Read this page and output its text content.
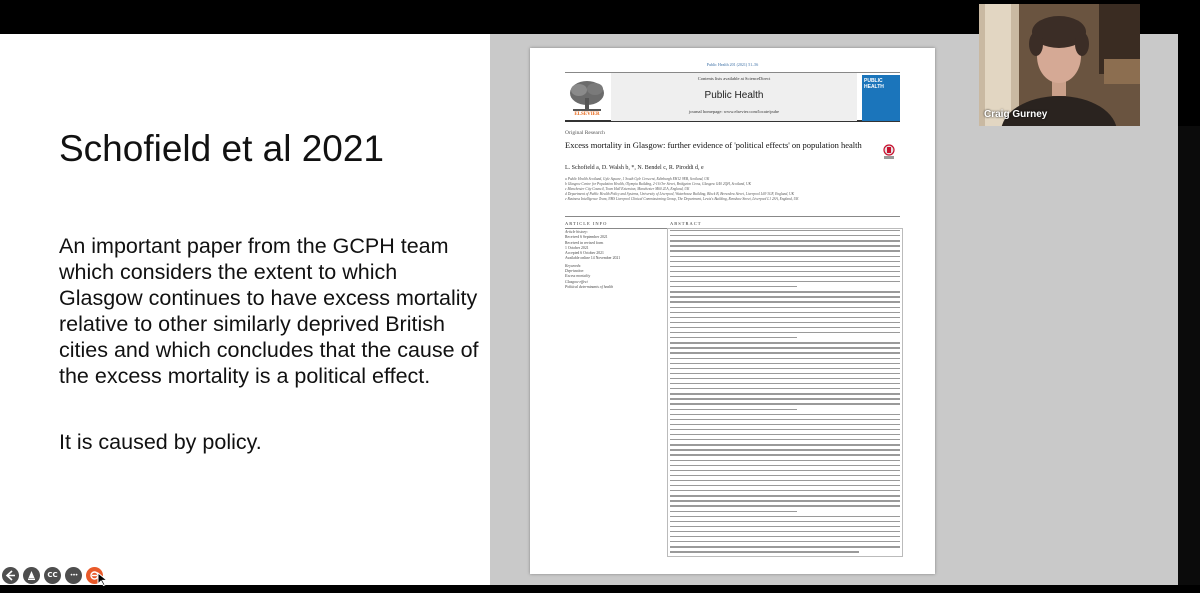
Schofield et al 2021
An important paper from the GCPH team which considers the extent to which Glasgow continues to have excess mortality relative to other similarly deprived British cities and which concludes that the cause of the excess mortality is a political effect.
It is caused by policy.
Public Health 201 (2021) 51–56
ELSEVIER
Contents lists available at ScienceDirect
Public Health
journal homepage: www.elsevier.com/locate/puhe
PUBLIC HEALTH
Original Research
Excess mortality in Glasgow: further evidence of 'political effects' on population health
L. Schofield a, D. Walsh b, *, N. Bendel c, R. Piroddi d, e
a Public Health Scotland, Gyle Square, 1 South Gyle Crescent, Edinburgh EH12 9EB, Scotland, UK
b Glasgow Centre for Population Health, Olympia Building, 2-16 Orr Street, Bridgeton Cross, Glasgow G40 2QH, Scotland, UK
c Manchester City Council, Town Hall Extension, Manchester M60 2LA, England, UK
d Department of Public Health Policy and Systems, University of Liverpool, Waterhouse Building, Block B, Brownlow Street, Liverpool L69 3GF, England, UK
e Business Intelligence Team, NHS Liverpool Clinical Commissioning Group, The Department, Lewis's Building, Renshaw Street, Liverpool L1 2SA, England, UK
ARTICLE INFO	ABSTRACT
Article history:
Received 6 September 2021
Received in revised form
1 October 2021
Accepted 6 October 2021
Available online 14 November 2021
Keywords:
Deprivation
Excess mortality
Glasgow effect
Political determinants of health
Craig Gurney
CC •••
